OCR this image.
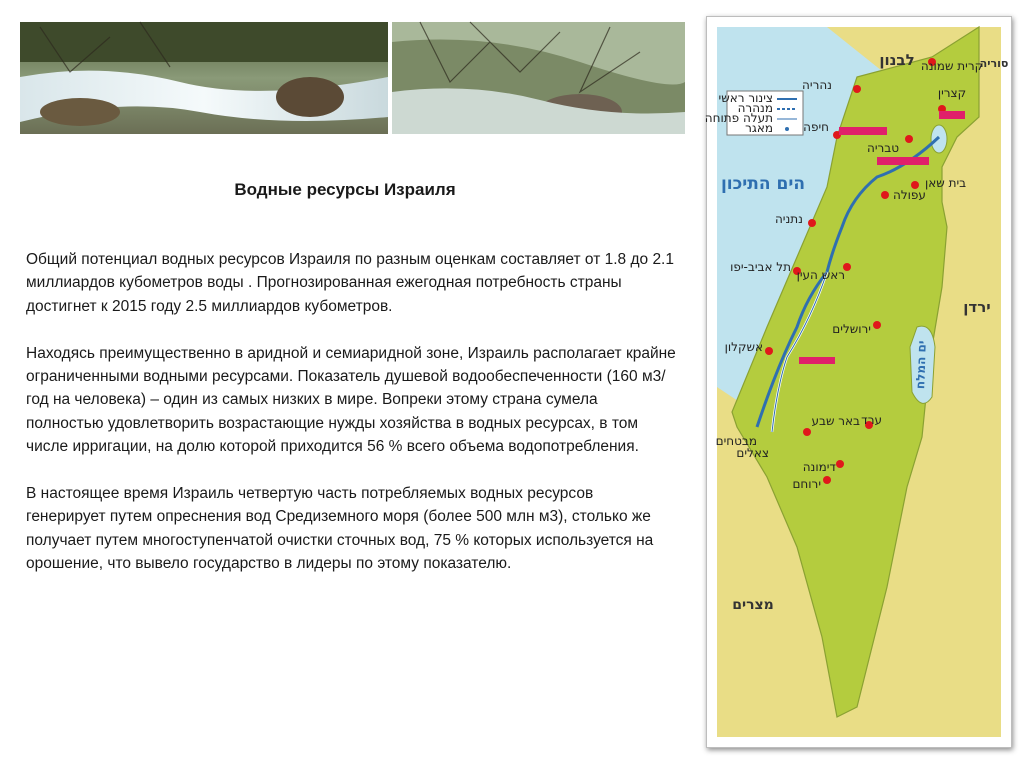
Водные ресурсы Израиля

Общий потенциал водных ресурсов Израиля по разным оценкам составляет от 1.8 до 2.1 миллиардов кубометров воды . Прогнозированная ежегодная потребность страны достигнет к 2015 году 2.5 миллиардов кубометров.

Находясь преимущественно в аридной и семиаридной зоне, Израиль располагает крайне ограниченными водными ресурсами. Показатель душевой водообеспеченности (160 м3/год на человека) – один из самых низких в мире. Вопреки этому страна сумела полностью удовлетворить возрастающие нужды хозяйства в водных ресурсах, в том числе ирригации, на долю которой приходится 56 % всего объема водопотребления.

В настоящее время Израиль четвертую часть потребляемых водных ресурсов генерирует путем опреснения вод Средиземного моря (более 500 млн м3), столько же получает путем многоступенчатой очистки сточных вод, 75 % которых используется на орошение, что вывело государство в лидеры по этому показателю.

צינור ראשי
מנהרה
תעלה פתוחה
מאגר
הים התיכון
ירדן
ים המלח
לבנון	סוריה
מצרים
נהריה
חיפה
טבריה
נתניה
תל אביב-יפו
ראש העין
ירושלים
אשקלון
באר שבע ערד
דימונה
ירוחם
קרית שמונה
קצרין
בית שאן
עפולה
צאלים
מבטחים
